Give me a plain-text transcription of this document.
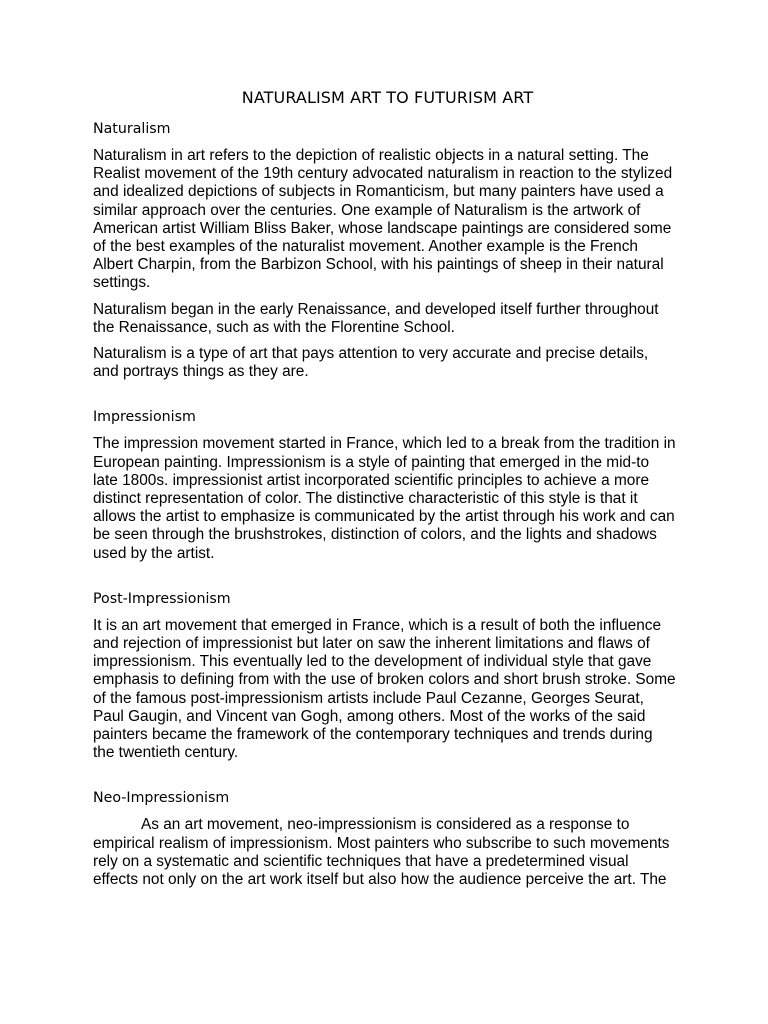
NATURALISM ART TO FUTURISM ART
Naturalism

Naturalism in art refers to the depiction of realistic objects in a natural setting. The Realist movement of the 19th century advocated naturalism in reaction to the stylized and idealized depictions of subjects in Romanticism, but many painters have used a similar approach over the centuries. One example of Naturalism is the artwork of American artist William Bliss Baker, whose landscape paintings are considered some of the best examples of the naturalist movement. Another example is the French Albert Charpin, from the Barbizon School, with his paintings of sheep in their natural settings.

Naturalism began in the early Renaissance, and developed itself further throughout the Renaissance, such as with the Florentine School.

Naturalism is a type of art that pays attention to very accurate and precise details, and portrays things as they are.

Impressionism

The impression movement started in France, which led to a break from the tradition in European painting. Impressionism is a style of painting that emerged in the mid-to late 1800s. impressionist artist incorporated scientific principles to achieve a more distinct representation of color. The distinctive characteristic of this style is that it allows the artist to emphasize is communicated by the artist through his work and can be seen through the brushstrokes, distinction of colors, and the lights and shadows used by the artist.

Post-Impressionism

It is an art movement that emerged in France, which is a result of both the influence and rejection of impressionist but later on saw the inherent limitations and flaws of impressionism. This eventually led to the development of individual style that gave emphasis to defining from with the use of broken colors and short brush stroke. Some of the famous post-impressionism artists include Paul Cezanne, Georges Seurat, Paul Gaugin, and Vincent van Gogh, among others. Most of the works of the said painters became the framework of the contemporary techniques and trends during the twentieth century.

Neo-Impressionism

As an art movement, neo-impressionism is considered as a response to empirical realism of impressionism. Most painters who subscribe to such movements rely on a systematic and scientific techniques that have a predetermined visual effects not only on the art work itself but also how the audience perceive the art. The
